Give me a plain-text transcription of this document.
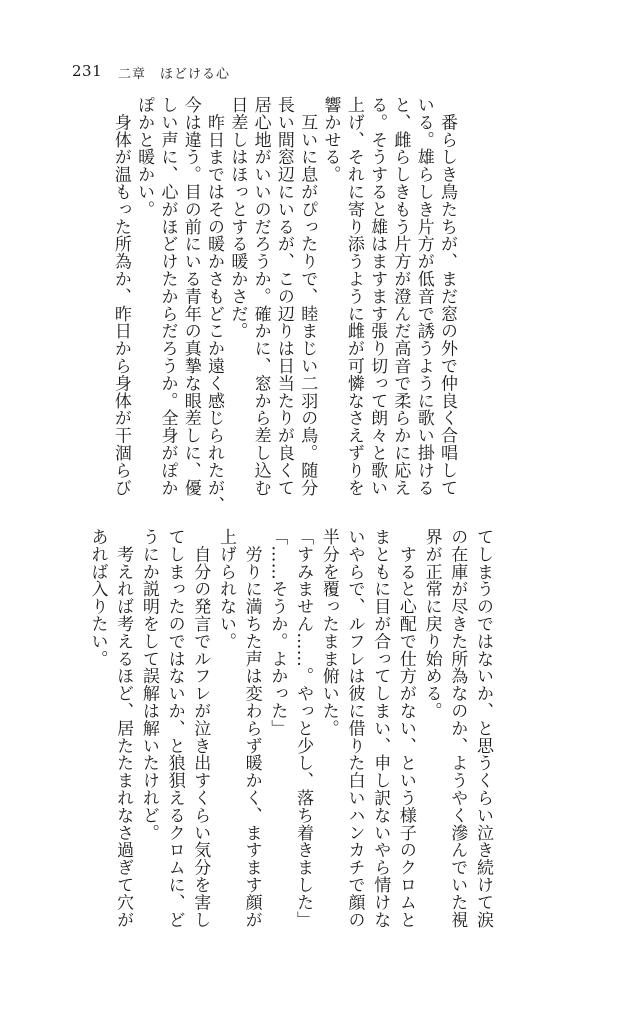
231 二章　ほどける心
　番らしき鳥たちが、まだ窓の外で仲良く合唱して
いる。雄らしき片方が低音で誘うように歌い掛ける
と、雌らしきもう片方が澄んだ高音で柔らかに応え
る。そうすると雄はますます張り切って朗々と歌い
上げ、それに寄り添うように雌が可憐なさえずりを
響かせる。
　互いに息がぴったりで、睦まじい二羽の鳥。随分
長い間窓辺にいるが、この辺りは日当たりが良くて
居心地がいいのだろうか。確かに、窓から差し込む
日差しはほっとする暖かさだ。
　昨日まではその暖かさもどこか遠く感じられたが、
今は違う。目の前にいる青年の真摯な眼差しに、優
しい声に、心がほどけたからだろうか。全身がぽか
ぽかと暖かい。
　身体が温もった所為か、昨日から身体が干涸らび
てしまうのではないか、と思うくらい泣き続けて涙
の在庫が尽きた所為なのか、ようやく滲んでいた視
界が正常に戻り始める。
　すると心配で仕方がない、という様子のクロムと
まともに目が合ってしまい、申し訳ないやら情けな
いやらで、ルフレは彼に借りた白いハンカチで顔の
半分を覆ったまま俯いた。
「すみません……。やっと少し、落ち着きました」
「……そうか。よかった」
　労りに満ちた声は変わらず暖かく、ますます顔が
上げられない。
　自分の発言でルフレが泣き出すくらい気分を害し
てしまったのではないか、と狼狽えるクロムに、ど
うにか説明をして誤解は解いたけれど。
　考えれば考えるほど、居たたまれなさ過ぎて穴が
あれば入りたい。
